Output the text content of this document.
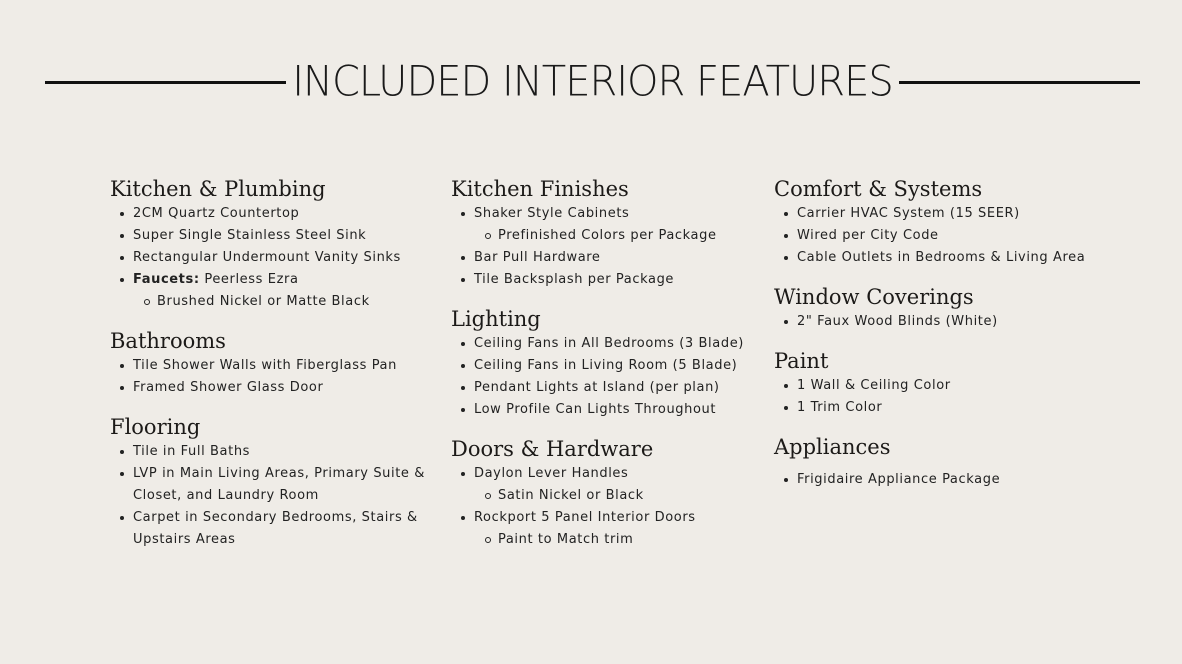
INCLUDED INTERIOR FEATURES
Kitchen & Plumbing
2CM Quartz Countertop
Super Single Stainless Steel Sink
Rectangular Undermount Vanity Sinks
Faucets: Peerless Ezra
Brushed Nickel or Matte Black
Bathrooms
Tile Shower Walls with Fiberglass Pan
Framed Shower Glass Door
Flooring
Tile in Full Baths
LVP in Main Living Areas, Primary Suite & Closet, and Laundry Room
Carpet in Secondary Bedrooms, Stairs & Upstairs Areas
Kitchen Finishes
Shaker Style Cabinets
Prefinished Colors per Package
Bar Pull Hardware
Tile Backsplash per Package
Lighting
Ceiling Fans in All Bedrooms (3 Blade)
Ceiling Fans in Living Room (5 Blade)
Pendant Lights at Island (per plan)
Low Profile Can Lights Throughout
Doors & Hardware
Daylon Lever Handles
Satin Nickel or Black
Rockport 5 Panel Interior Doors
Paint to Match trim
Comfort & Systems
Carrier HVAC System (15 SEER)
Wired per City Code
Cable Outlets in Bedrooms & Living Area
Window Coverings
2" Faux Wood Blinds (White)
Paint
1 Wall & Ceiling Color
1 Trim Color
Appliances
Frigidaire Appliance Package
